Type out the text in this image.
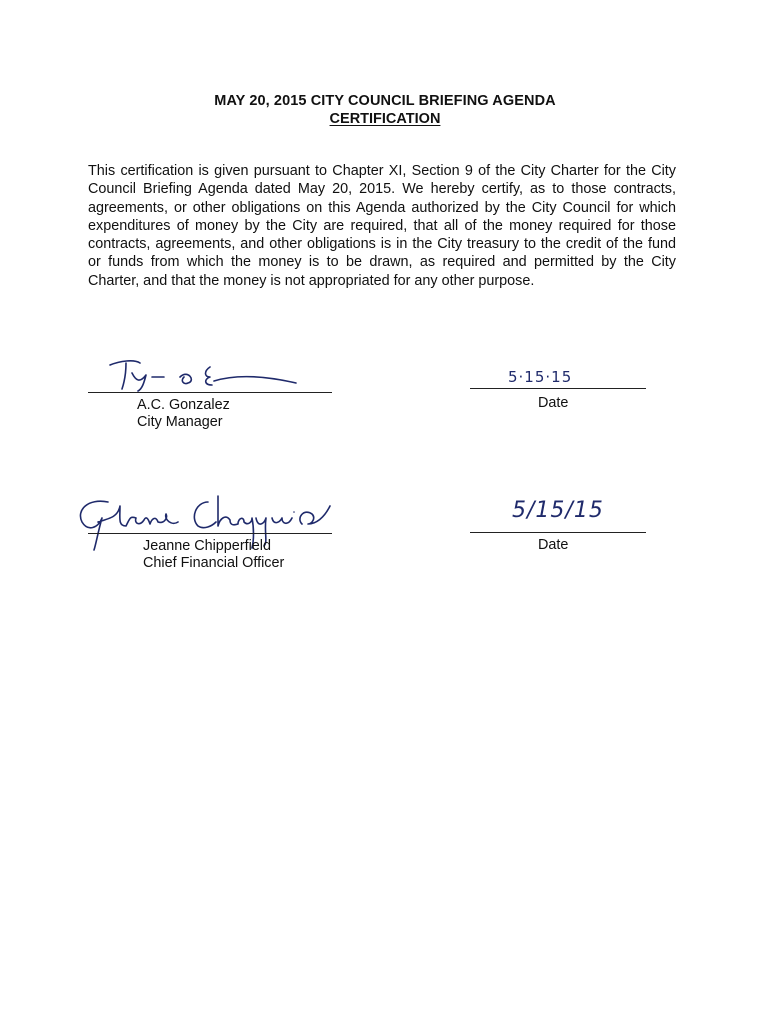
MAY 20, 2015 CITY COUNCIL BRIEFING AGENDA
CERTIFICATION
This certification is given pursuant to Chapter XI, Section 9 of the City Charter for the City Council Briefing Agenda dated May 20, 2015. We hereby certify, as to those contracts, agreements, or other obligations on this Agenda authorized by the City Council for which expenditures of money by the City are required, that all of the money required for those contracts, agreements, and other obligations is in the City treasury to the credit of the fund or funds from which the money is to be drawn, as required and permitted by the City Charter, and that the money is not appropriated for any other purpose.
A.C. Gonzalez
City Manager
5·15·15
Date
Jeanne Chipperfield
Chief Financial Officer
5/15/15
Date
